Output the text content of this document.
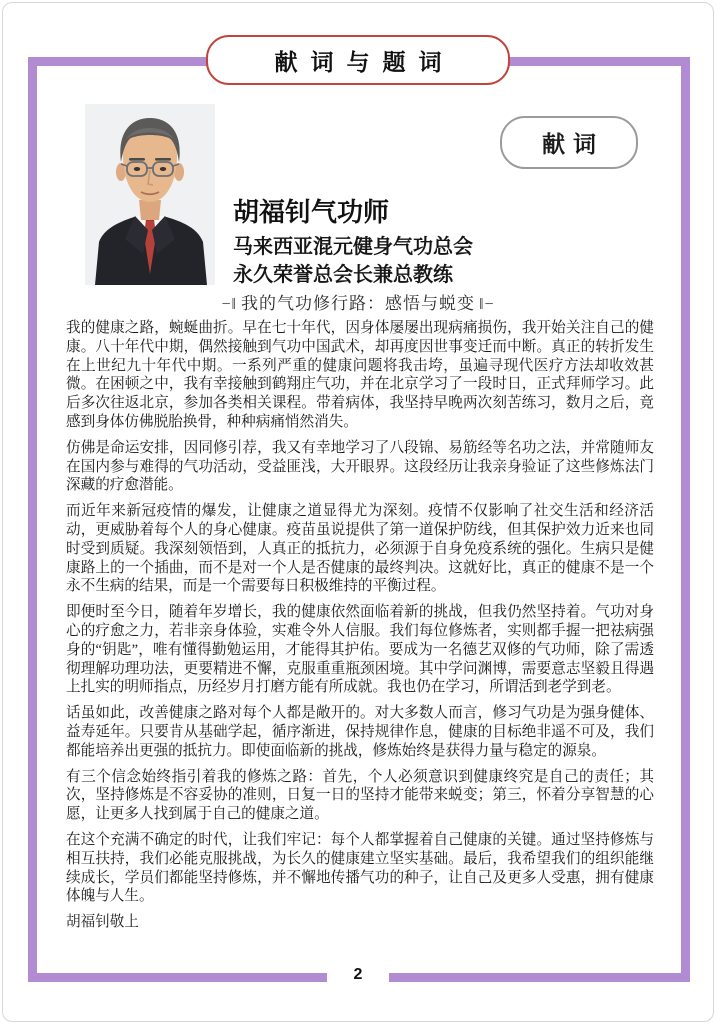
献词与题词
献词

胡福钊气功师

马来西亚混元健身气功总会

永久荣誉总会长兼总教练

−‖ 我的气功修行路：感悟与蜕变 ‖−

我的健康之路，蜿蜒曲折。早在七十年代，因身体屡屡出现病痛损伤，我开始关注自己的健康。八十年代中期，偶然接触到气功中国武术，却再度因世事变迁而中断。真正的转折发生在上世纪九十年代中期。一系列严重的健康问题将我击垮，虽遍寻现代医疗方法却收效甚微。在困顿之中，我有幸接触到鹤翔庄气功，并在北京学习了一段时日，正式拜师学习。此后多次往返北京，参加各类相关课程。带着病体，我坚持早晚两次刻苦练习，数月之后，竟感到身体仿佛脱胎换骨，种种病痛悄然消失。

仿佛是命运安排，因同修引荐，我又有幸地学习了八段锦、易筋经等名功之法，并常随师友在国内参与难得的气功活动，受益匪浅，大开眼界。这段经历让我亲身验证了这些修炼法门深藏的疗愈潜能。

而近年来新冠疫情的爆发，让健康之道显得尤为深刻。疫情不仅影响了社交生活和经济活动，更威胁着每个人的身心健康。疫苗虽说提供了第一道保护防线，但其保护效力近来也同时受到质疑。我深刻领悟到，人真正的抵抗力，必须源于自身免疫系统的强化。生病只是健康路上的一个插曲，而不是对一个人是否健康的最终判决。这就好比，真正的健康不是一个永不生病的结果，而是一个需要每日积极维持的平衡过程。

即便时至今日，随着年岁增长，我的健康依然面临着新的挑战，但我仍然坚持着。气功对身心的疗愈之力，若非亲身体验，实难令外人信服。我们每位修炼者，实则都手握一把祛病强身的“钥匙”，唯有懂得勤勉运用，才能得其护佑。要成为一名德艺双修的气功师，除了需透彻理解功理功法，更要精进不懈，克服重重瓶颈困境。其中学问渊博，需要意志坚毅且得遇上扎实的明师指点，历经岁月打磨方能有所成就。我也仍在学习，所谓活到老学到老。

话虽如此，改善健康之路对每个人都是敞开的。对大多数人而言，修习气功是为强身健体、益寿延年。只要肯从基础学起，循序渐进，保持规律作息，健康的目标绝非遥不可及，我们都能培养出更强的抵抗力。即使面临新的挑战，修炼始终是获得力量与稳定的源泉。

有三个信念始终指引着我的修炼之路：首先，个人必须意识到健康终究是自己的责任；其次，坚持修炼是不容妥协的准则，日复一日的坚持才能带来蜕变；第三，怀着分享智慧的心愿，让更多人找到属于自己的健康之道。

在这个充满不确定的时代，让我们牢记：每个人都掌握着自己健康的关键。通过坚持修炼与相互扶持，我们必能克服挑战，为长久的健康建立坚实基础。最后，我希望我们的组织能继续成长，学员们都能坚持修炼，并不懈地传播气功的种子，让自己及更多人受惠，拥有健康体魄与人生。

胡福钊敬上

2
